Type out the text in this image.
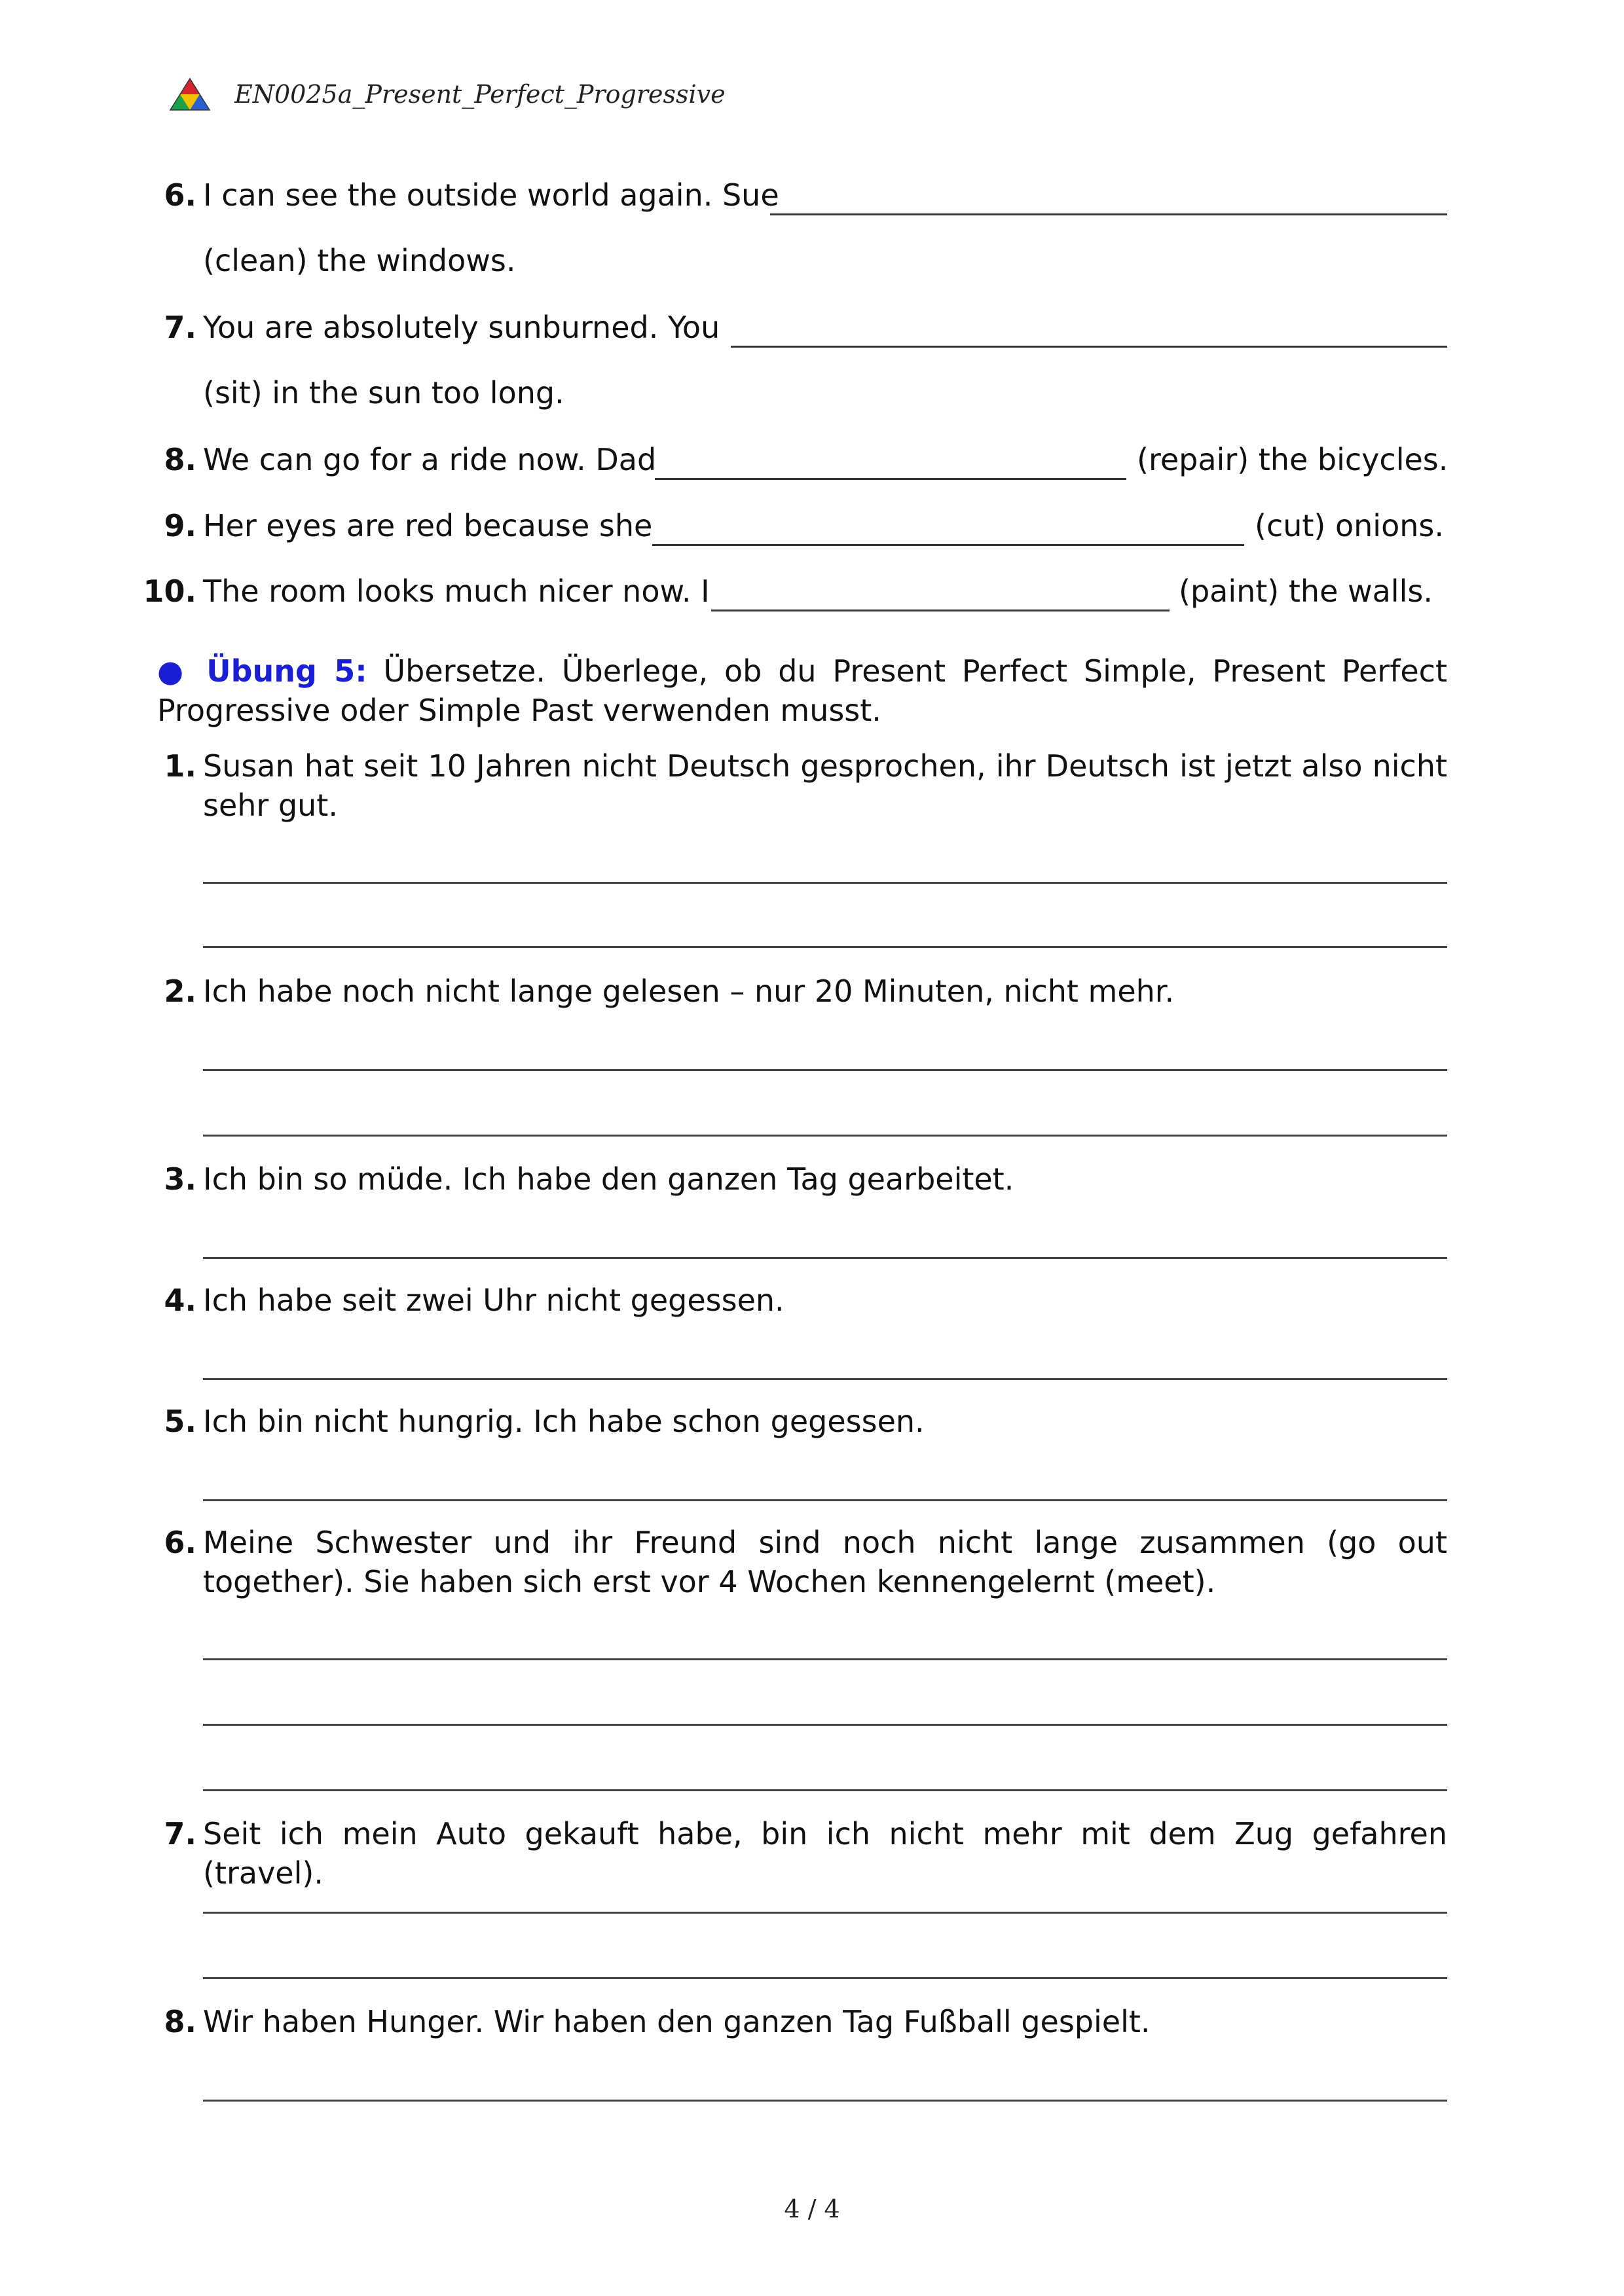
EN0025a_Present_Perfect_Progressive
6. I can see the outside world again. Sue
(clean) the windows.
7. You are absolutely sunburned. You
(sit) in the sun too long.
8. We can go for a ride now. Dad	(repair) the bicycles.
9. Her eyes are red because she	(cut) onions.
10. The room looks much nicer now. I	(paint) the walls.
● Übung 5: Übersetze. Überlege, ob du Present Perfect Simple, Present Perfect
Progressive oder Simple Past verwenden musst.
1. Susan hat seit 10 Jahren nicht Deutsch gesprochen, ihr Deutsch ist jetzt also nicht sehr gut.
2. Ich habe noch nicht lange gelesen – nur 20 Minuten, nicht mehr.
3. Ich bin so müde. Ich habe den ganzen Tag gearbeitet.
4. Ich habe seit zwei Uhr nicht gegessen.
5. Ich bin nicht hungrig. Ich habe schon gegessen.
6. Meine Schwester und ihr Freund sind noch nicht lange zusammen (go out together). Sie haben sich erst vor 4 Wochen kennengelernt (meet).
7. Seit ich mein Auto gekauft habe, bin ich nicht mehr mit dem Zug gefahren (travel).
8. Wir haben Hunger. Wir haben den ganzen Tag Fußball gespielt.
4 / 4
